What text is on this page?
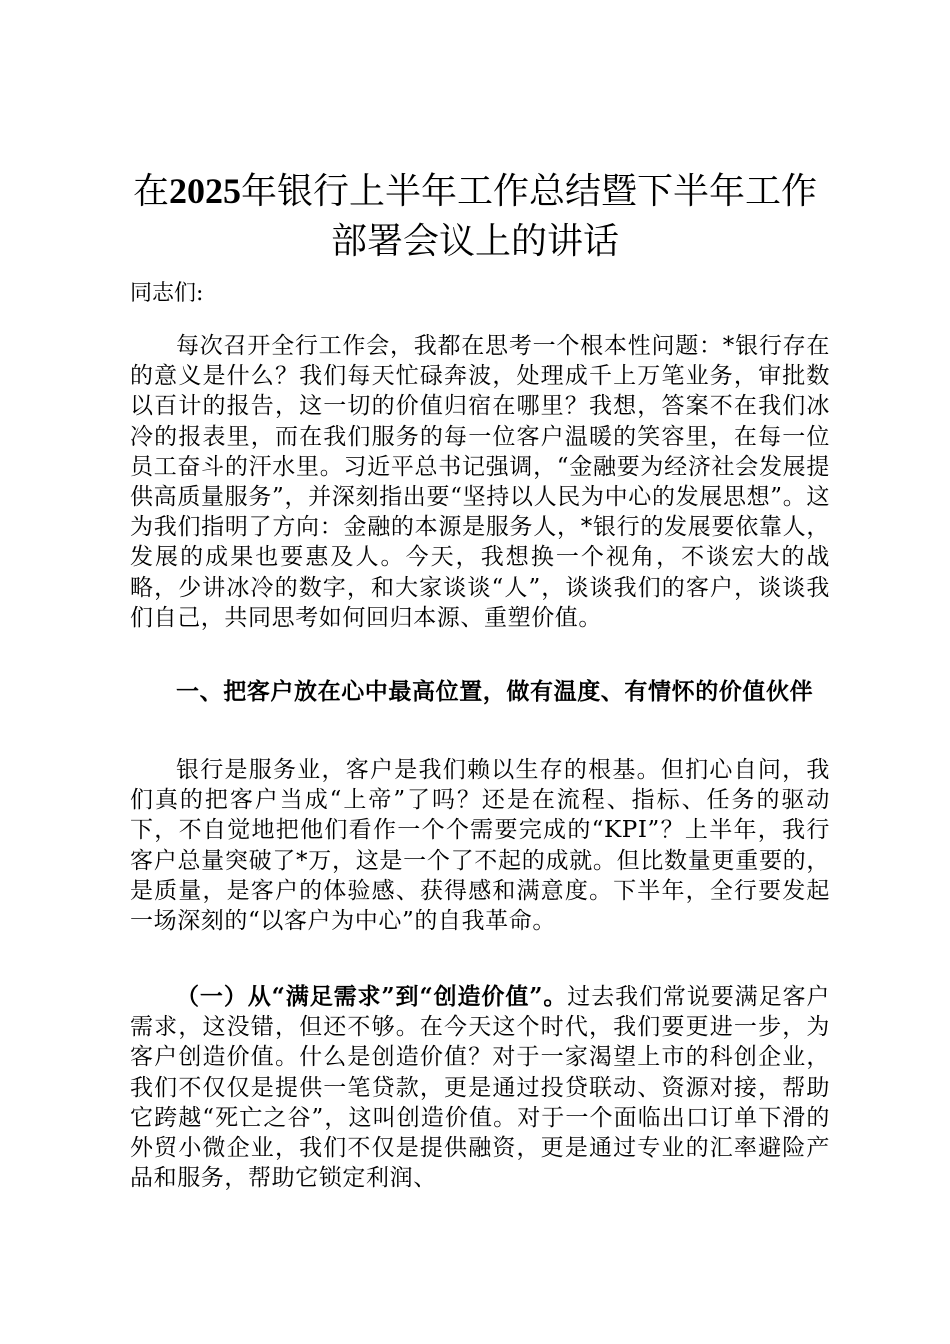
在2025年银行上半年工作总结暨下半年工作
部署会议上的讲话

同志们:

每次召开全行工作会，我都在思考一个根本性问题：*银行存在的意义是什么？我们每天忙碌奔波，处理成千上万笔业务，审批数以百计的报告，这一切的价值归宿在哪里？我想，答案不在我们冰冷的报表里，而在我们服务的每一位客户温暖的笑容里，在每一位员工奋斗的汗水里。习近平总书记强调，“金融要为经济社会发展提供高质量服务”，并深刻指出要“坚持以人民为中心的发展思想”。这为我们指明了方向：金融的本源是服务人，*银行的发展要依靠人，发展的成果也要惠及人。今天，我想换一个视角，不谈宏大的战略，少讲冰冷的数字，和大家谈谈“人”，谈谈我们的客户，谈谈我们自己，共同思考如何回归本源、重塑价值。

一、把客户放在心中最高位置，做有温度、有情怀的价值伙伴

银行是服务业，客户是我们赖以生存的根基。但扪心自问，我们真的把客户当成“上帝”了吗？还是在流程、指标、任务的驱动下，不自觉地把他们看作一个个需要完成的“KPI”？上半年，我行客户总量突破了*万，这是一个了不起的成就。但比数量更重要的，是质量，是客户的体验感、获得感和满意度。下半年，全行要发起一场深刻的“以客户为中心”的自我革命。

（一）从“满足需求”到“创造价值”。过去我们常说要满足客户需求，这没错，但还不够。在今天这个时代，我们要更进一步，为客户创造价值。什么是创造价值？对于一家渴望上市的科创企业，我们不仅仅是提供一笔贷款，更是通过投贷联动、资源对接，帮助它跨越“死亡之谷”，这叫创造价值。对于一个面临出口订单下滑的外贸小微企业，我们不仅是提供融资，更是通过专业的汇率避险产品和服务，帮助它锁定利润、
